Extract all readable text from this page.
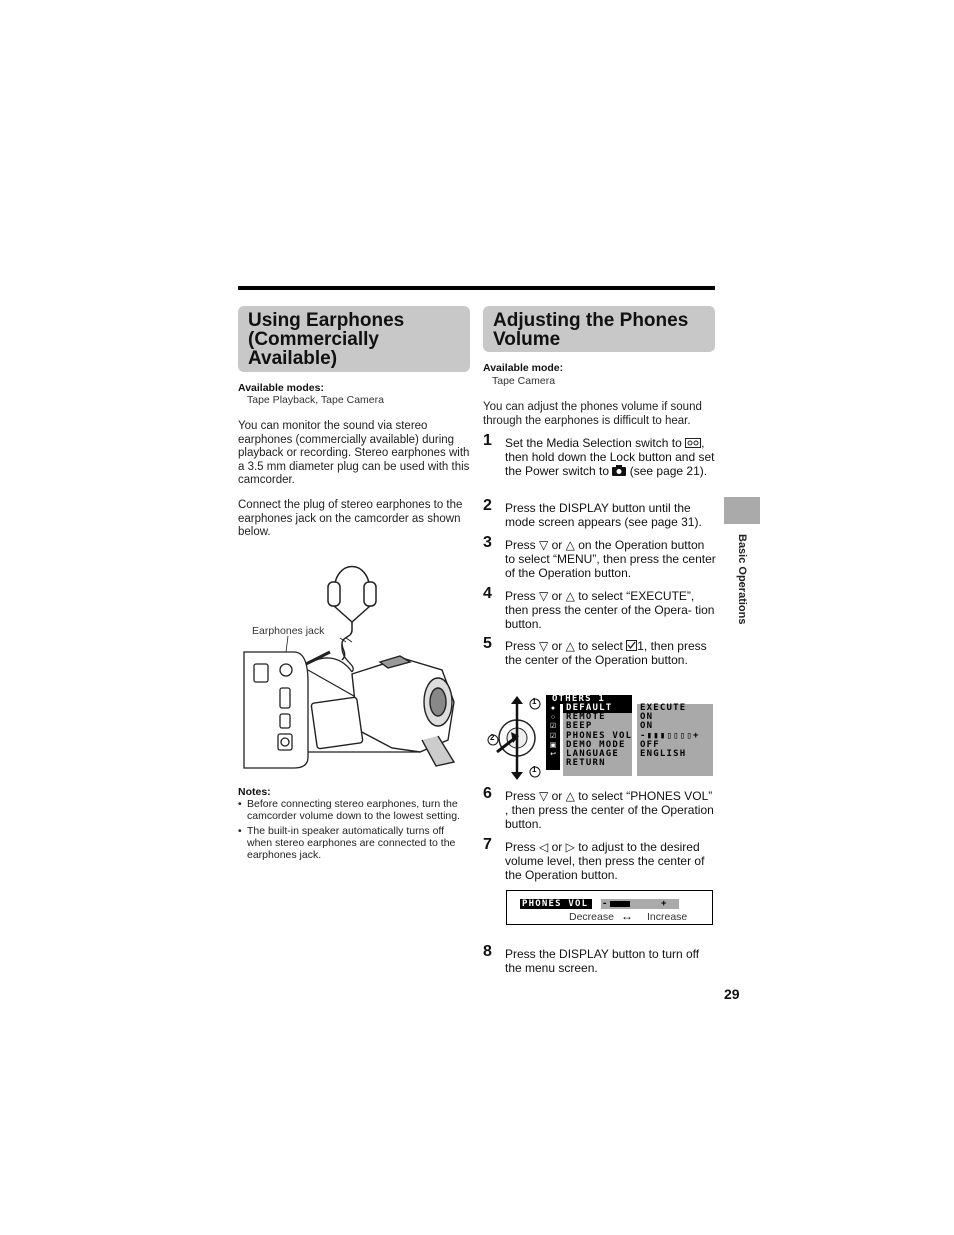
Using Earphones (Commercially Available)
Available modes:
Tape Playback, Tape Camera
You can monitor the sound via stereo earphones (commercially available) during playback or recording. Stereo earphones with a 3.5 mm diameter plug can be used with this camcorder.
Connect the plug of stereo earphones to the earphones jack on the camcorder as shown below.
Earphones jack
Notes:
• Before connecting stereo earphones, turn the camcorder volume down to the lowest setting.
• The built-in speaker automatically turns off when stereo earphones are connected to the earphones jack.
Adjusting the Phones Volume
Available mode:
Tape Camera
You can adjust the phones volume if sound through the earphones is difficult to hear.
1 Set the Media Selection switch to , then hold down the Lock button and set the Power switch to  (see page 21).
2 Press the DISPLAY button until the mode screen appears (see page 31).
3 Press ▽ or △ on the Operation button to select “MENU”, then press the center of the Operation button.
4 Press ▽ or △ to select “EXECUTE”, then press the center of the Opera- tion button.
5 Press ▽ or △ to select 1, then press the center of the Operation button.
1
2
1
●
○
☑
☑
▣
↩
OTHERS 1
DEFAULT
REMOTE
BEEP
PHONES VOL
DEMO MODE
LANGUAGE
RETURN
EXECUTE
ON
ON
-▮▮▮▯▯▯▯+
OFF
ENGLISH
6 Press ▽ or △ to select “PHONES VOL” , then press the center of the Operation button.
7 Press ◁ or ▷ to adjust to the desired volume level, then press the center of the Operation button.
PHONES VOL	-	+
Decrease ↔ Increase
8 Press the DISPLAY button to turn off the menu screen.
Basic Operations
29
